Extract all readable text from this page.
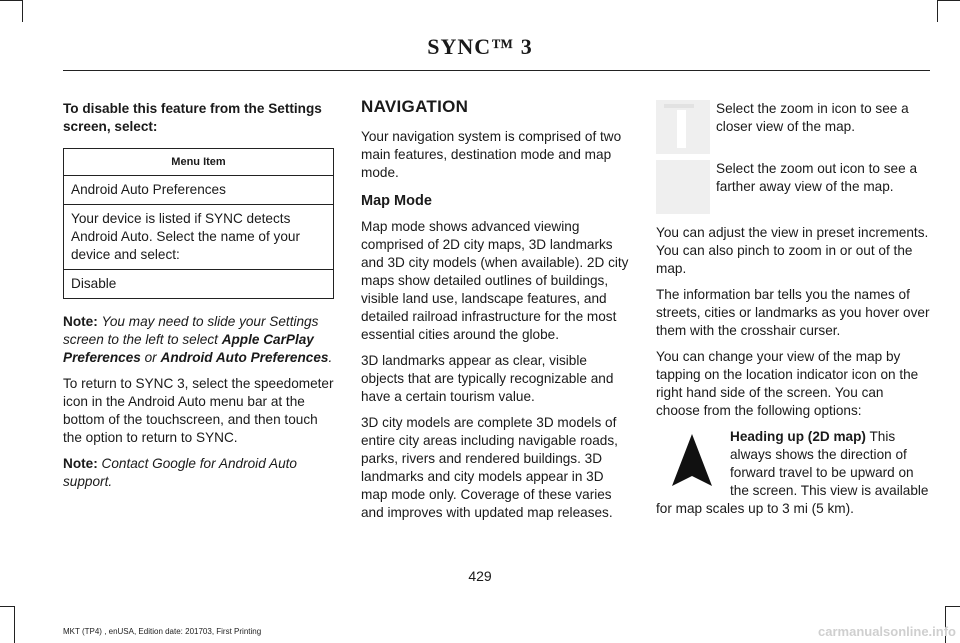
SYNC™ 3

To disable this feature from the Settings screen, select:

Menu Item
Android Auto Preferences
Your device is listed if SYNC detects Android Auto. Select the name of your device and select:
Disable

Note: You may need to slide your Settings screen to the left to select Apple CarPlay Preferences or Android Auto Preferences.

To return to SYNC 3, select the speedometer icon in the Android Auto menu bar at the bottom of the touchscreen, and then touch the option to return to SYNC.

Note: Contact Google for Android Auto support.

NAVIGATION

Your navigation system is comprised of two main features, destination mode and map mode.

Map Mode

Map mode shows advanced viewing comprised of 2D city maps, 3D landmarks and 3D city models (when available). 2D city maps show detailed outlines of buildings, visible land use, landscape features, and detailed railroad infrastructure for the most essential cities around the globe.

3D landmarks appear as clear, visible objects that are typically recognizable and have a certain tourism value.

3D city models are complete 3D models of entire city areas including navigable roads, parks, rivers and rendered buildings. 3D landmarks and city models appear in 3D map mode only. Coverage of these varies and improves with updated map releases.

Select the zoom in icon to see a closer view of the map.
Select the zoom out icon to see a farther away view of the map.

You can adjust the view in preset increments. You can also pinch to zoom in or out of the map.

The information bar tells you the names of streets, cities or landmarks as you hover over them with the crosshair curser.

You can change your view of the map by tapping on the location indicator icon on the right hand side of the screen. You can choose from the following options:

Heading up (2D map) This always shows the direction of forward travel to be upward on the screen. This view is available for map scales up to 3 mi (5 km).

429
MKT (TP4) , enUSA, Edition date: 201703, First Printing	carmanualsonline.info
